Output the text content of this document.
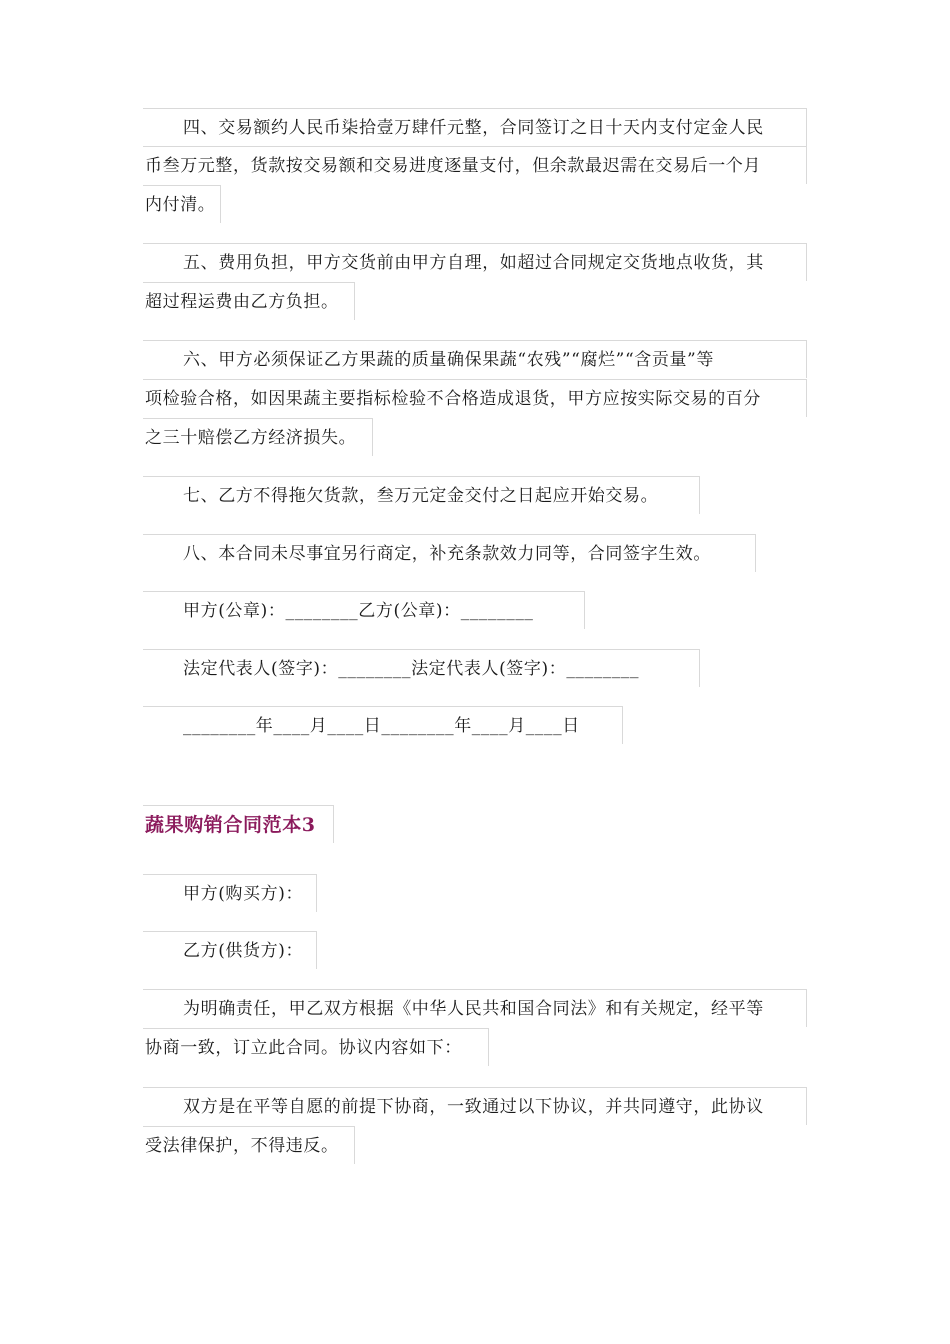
四、交易额约人民币柒拾壹万肆仟元整，合同签订之日十天内支付定金人民
币叁万元整，货款按交易额和交易进度逐量支付，但余款最迟需在交易后一个月
内付清。
五、费用负担，甲方交货前由甲方自理，如超过合同规定交货地点收货，其
超过程运费由乙方负担。
六、甲方必须保证乙方果蔬的质量确保果蔬“农残”“腐烂”“含贡量”等
项检验合格，如因果蔬主要指标检验不合格造成退货，甲方应按实际交易的百分
之三十赔偿乙方经济损失。
七、乙方不得拖欠货款，叁万元定金交付之日起应开始交易。
八、本合同未尽事宜另行商定，补充条款效力同等，合同签字生效。
甲方(公章)：________乙方(公章)：________
法定代表人(签字)：________法定代表人(签字)：________
________年____月____日________年____月____日
蔬果购销合同范本3
甲方(购买方)：
乙方(供货方)：
为明确责任，甲乙双方根据《中华人民共和国合同法》和有关规定，经平等
协商一致，订立此合同。协议内容如下：
双方是在平等自愿的前提下协商，一致通过以下协议，并共同遵守，此协议
受法律保护，不得违反。
